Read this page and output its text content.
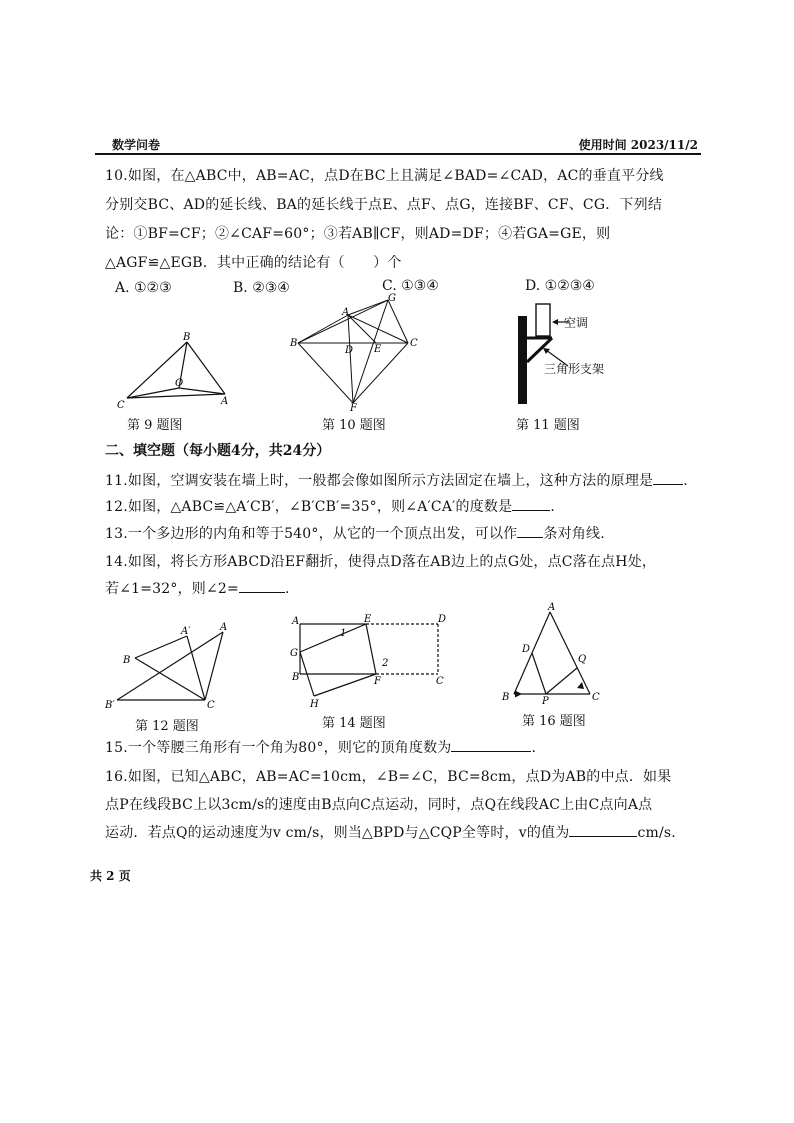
数学问卷	使用时间 2023/11/2
10.如图，在△ABC中，AB=AC，点D在BC上且满足∠BAD=∠CAD，AC的垂直平分线
分别交BC、AD的延长线、BA的延长线于点E、点F、点G，连接BF、CF、CG．下列结
论：①BF=CF；②∠CAF=60°；③若AB∥CF，则AD=DF；④若GA=GE，则
△AGF≌△EGB．其中正确的结论有（　　）个
A. ①②③	B. ②③④	C. ①③④	D. ①②③④
B
C
O
A
第 9 题图
A
B	C
D E
F
G
第 10 题图
空调
三角形支架
第 11 题图
二、填空题（每小题4分，共24分）
11.如图，空调安装在墙上时，一般都会像如图所示方法固定在墙上，这种方法的原理是 .
12.如图，△ABC≌△A′CB′，∠B′CB′=35°，则∠A′CA′的度数是	.
13.一个多边形的内角和等于540°，从它的一个顶点出发，可以作 条对角线.
14.如图，将长方形ABCD沿EF翻折，使得点D落在AB边上的点G处，点C落在点H处，
若∠1=32°，则∠2=	.
A′	A
B
B′	C
第 12 题图
A	E	D
G
1
2
B	F	C
H
第 14 题图
A
D
Q
B	P	C
第 16 题图
15.一个等腰三角形有一个角为80°，则它的顶角度数为	.
16.如图，已知△ABC，AB=AC=10cm，∠B=∠C，BC=8cm，点D为AB的中点．如果
点P在线段BC上以3cm/s的速度由B点向C点运动，同时，点Q在线段AC上由C点向A点
运动．若点Q的运动速度为v cm/s，则当△BPD与△CQP全等时，v的值为	cm/s.
共 2 页
